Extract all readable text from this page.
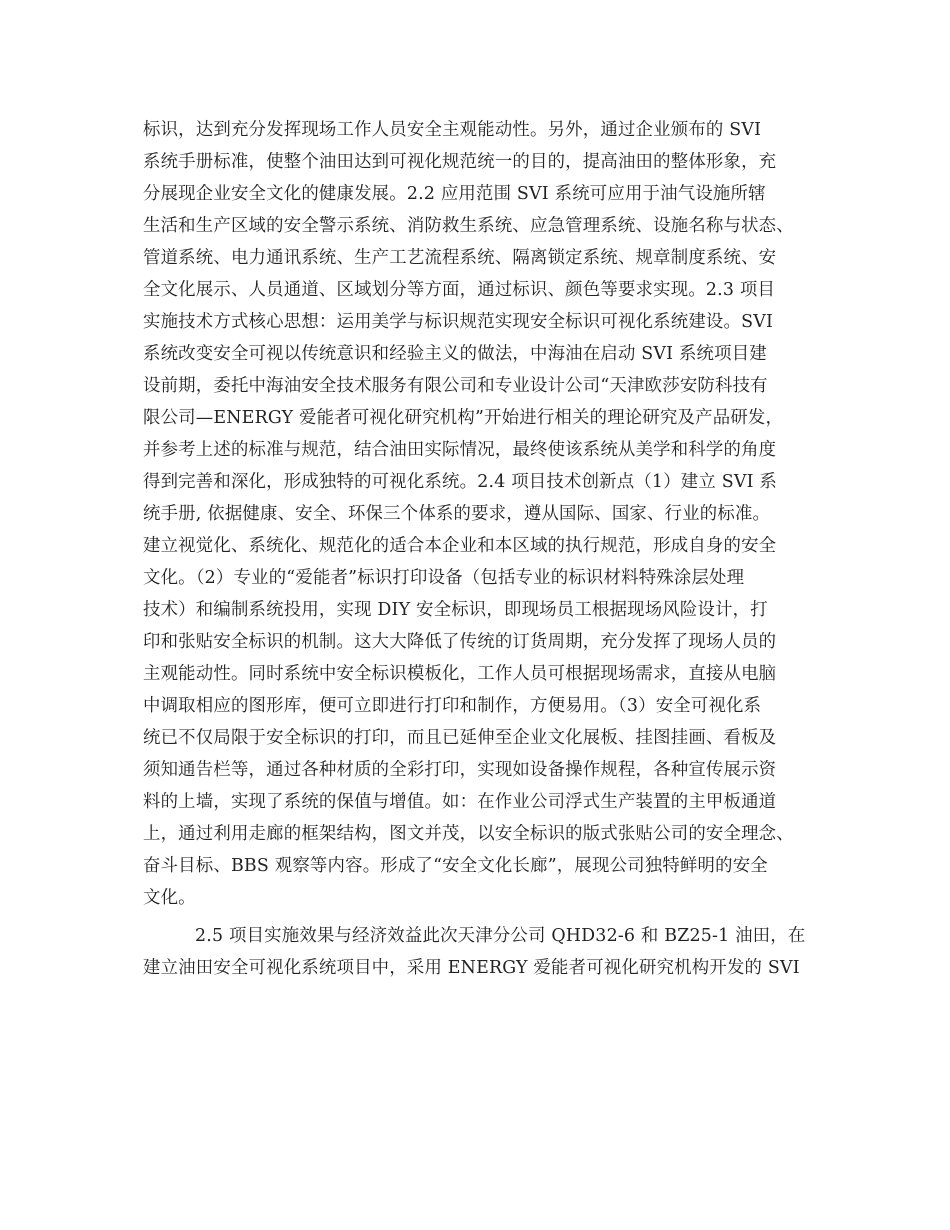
标识，达到充分发挥现场工作人员安全主观能动性。另外，通过企业颁布的 SVI
系统手册标准，使整个油田达到可视化规范统一的目的，提高油田的整体形象，充
分展现企业安全文化的健康发展。2.2 应用范围 SVI 系统可应用于油气设施所辖
生活和生产区域的安全警示系统、消防救生系统、应急管理系统、设施名称与状态、
管道系统、电力通讯系统、生产工艺流程系统、隔离锁定系统、规章制度系统、安
全文化展示、人员通道、区域划分等方面，通过标识、颜色等要求实现。2.3 项目
实施技术方式核心思想：运用美学与标识规范实现安全标识可视化系统建设。SVI
系统改变安全可视以传统意识和经验主义的做法，中海油在启动 SVI 系统项目建
设前期，委托中海油安全技术服务有限公司和专业设计公司“天津欧莎安防科技有
限公司—ENERGY 爱能者可视化研究机构”开始进行相关的理论研究及产品研发，
并参考上述的标准与规范，结合油田实际情况，最终使该系统从美学和科学的角度
得到完善和深化，形成独特的可视化系统。2.4 项目技术创新点（1）建立 SVI 系
统手册, 依据健康、安全、环保三个体系的要求，遵从国际、国家、行业的标准。
建立视觉化、系统化、规范化的适合本企业和本区域的执行规范，形成自身的安全
文化。（2）专业的“爱能者”标识打印设备（包括专业的标识材料特殊涂层处理
技术）和编制系统投用，实现 DIY 安全标识，即现场员工根据现场风险设计，打
印和张贴安全标识的机制。这大大降低了传统的订货周期，充分发挥了现场人员的
主观能动性。同时系统中安全标识模板化，工作人员可根据现场需求，直接从电脑
中调取相应的图形库，便可立即进行打印和制作，方便易用。（3）安全可视化系
统已不仅局限于安全标识的打印，而且已延伸至企业文化展板、挂图挂画、看板及
须知通告栏等，通过各种材质的全彩打印，实现如设备操作规程，各种宣传展示资
料的上墙，实现了系统的保值与增值。如：在作业公司浮式生产装置的主甲板通道
上，通过利用走廊的框架结构，图文并茂，以安全标识的版式张贴公司的安全理念、
奋斗目标、BBS 观察等内容。形成了“安全文化长廊”，展现公司独特鲜明的安全
文化。
2.5 项目实施效果与经济效益此次天津分公司 QHD32-6 和 BZ25-1 油田，在
建立油田安全可视化系统项目中，采用 ENERGY 爱能者可视化研究机构开发的 SVI
